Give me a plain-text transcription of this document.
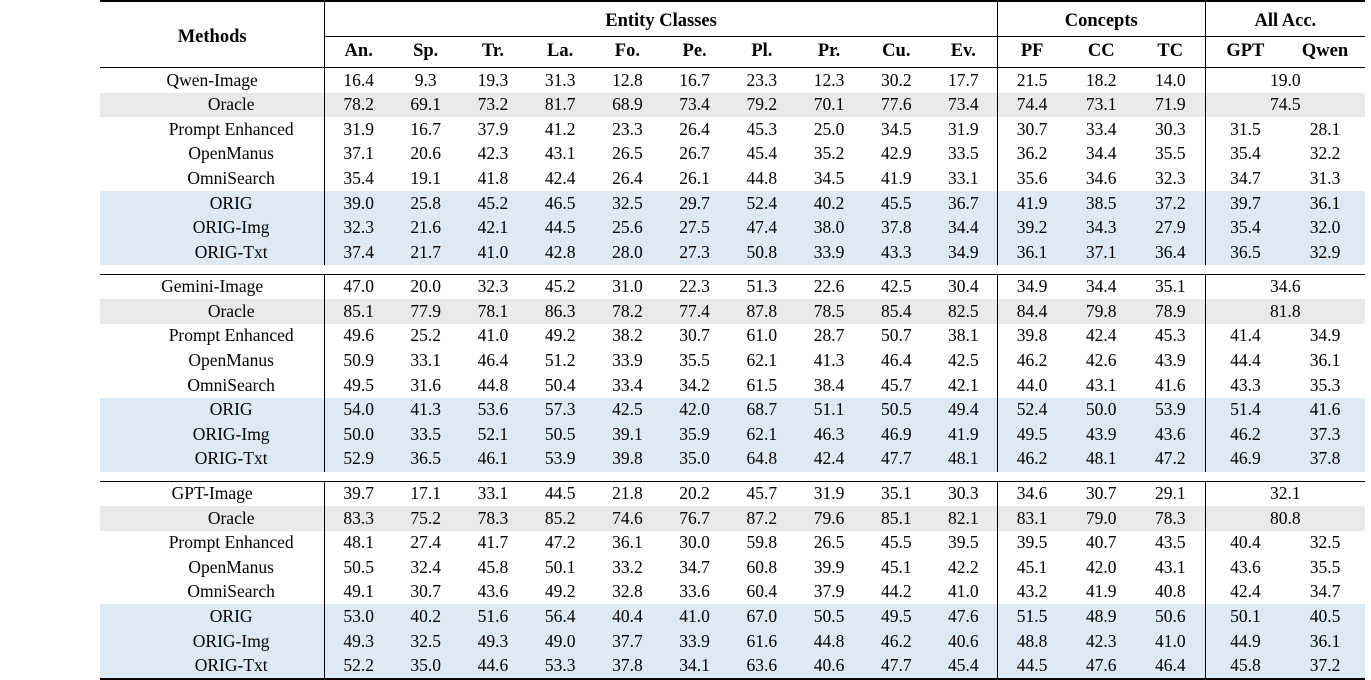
Methods	Entity Classes										Concepts			All Acc.	
	An.	Sp.	Tr.	La.	Fo.	Pe.	Pl.	Pr.	Cu.	Ev.	PF	CC	TC	GPT	Qwen
Qwen-Image	16.4	9.3	19.3	31.3	12.8	16.7	23.3	12.3	30.2	17.7	21.5	18.2	14.0	19.0	
Oracle	78.2	69.1	73.2	81.7	68.9	73.4	79.2	70.1	77.6	73.4	74.4	73.1	71.9	74.5	
Prompt Enhanced	31.9	16.7	37.9	41.2	23.3	26.4	45.3	25.0	34.5	31.9	30.7	33.4	30.3	31.5	28.1
OpenManus	37.1	20.6	42.3	43.1	26.5	26.7	45.4	35.2	42.9	33.5	36.2	34.4	35.5	35.4	32.2
OmniSearch	35.4	19.1	41.8	42.4	26.4	26.1	44.8	34.5	41.9	33.1	35.6	34.6	32.3	34.7	31.3
ORIG	39.0	25.8	45.2	46.5	32.5	29.7	52.4	40.2	45.5	36.7	41.9	38.5	37.2	39.7	36.1
ORIG-Img	32.3	21.6	42.1	44.5	25.6	27.5	47.4	38.0	37.8	34.4	39.2	34.3	27.9	35.4	32.0
ORIG-Txt	37.4	21.7	41.0	42.8	28.0	27.3	50.8	33.9	43.3	34.9	36.1	37.1	36.4	36.5	32.9

Gemini-Image	47.0	20.0	32.3	45.2	31.0	22.3	51.3	22.6	42.5	30.4	34.9	34.4	35.1	34.6	
Oracle	85.1	77.9	78.1	86.3	78.2	77.4	87.8	78.5	85.4	82.5	84.4	79.8	78.9	81.8	
Prompt Enhanced	49.6	25.2	41.0	49.2	38.2	30.7	61.0	28.7	50.7	38.1	39.8	42.4	45.3	41.4	34.9
OpenManus	50.9	33.1	46.4	51.2	33.9	35.5	62.1	41.3	46.4	42.5	46.2	42.6	43.9	44.4	36.1
OmniSearch	49.5	31.6	44.8	50.4	33.4	34.2	61.5	38.4	45.7	42.1	44.0	43.1	41.6	43.3	35.3
ORIG	54.0	41.3	53.6	57.3	42.5	42.0	68.7	51.1	50.5	49.4	52.4	50.0	53.9	51.4	41.6
ORIG-Img	50.0	33.5	52.1	50.5	39.1	35.9	62.1	46.3	46.9	41.9	49.5	43.9	43.6	46.2	37.3
ORIG-Txt	52.9	36.5	46.1	53.9	39.8	35.0	64.8	42.4	47.7	48.1	46.2	48.1	47.2	46.9	37.8

GPT-Image	39.7	17.1	33.1	44.5	21.8	20.2	45.7	31.9	35.1	30.3	34.6	30.7	29.1	32.1	
Oracle	83.3	75.2	78.3	85.2	74.6	76.7	87.2	79.6	85.1	82.1	83.1	79.0	78.3	80.8	
Prompt Enhanced	48.1	27.4	41.7	47.2	36.1	30.0	59.8	26.5	45.5	39.5	39.5	40.7	43.5	40.4	32.5
OpenManus	50.5	32.4	45.8	50.1	33.2	34.7	60.8	39.9	45.1	42.2	45.1	42.0	43.1	43.6	35.5
OmniSearch	49.1	30.7	43.6	49.2	32.8	33.6	60.4	37.9	44.2	41.0	43.2	41.9	40.8	42.4	34.7
ORIG	53.0	40.2	51.6	56.4	40.4	41.0	67.0	50.5	49.5	47.6	51.5	48.9	50.6	50.1	40.5
ORIG-Img	49.3	32.5	49.3	49.0	37.7	33.9	61.6	44.8	46.2	40.6	48.8	42.3	41.0	44.9	36.1
ORIG-Txt	52.2	35.0	44.6	53.3	37.8	34.1	63.6	40.6	47.7	45.4	44.5	47.6	46.4	45.8	37.2
